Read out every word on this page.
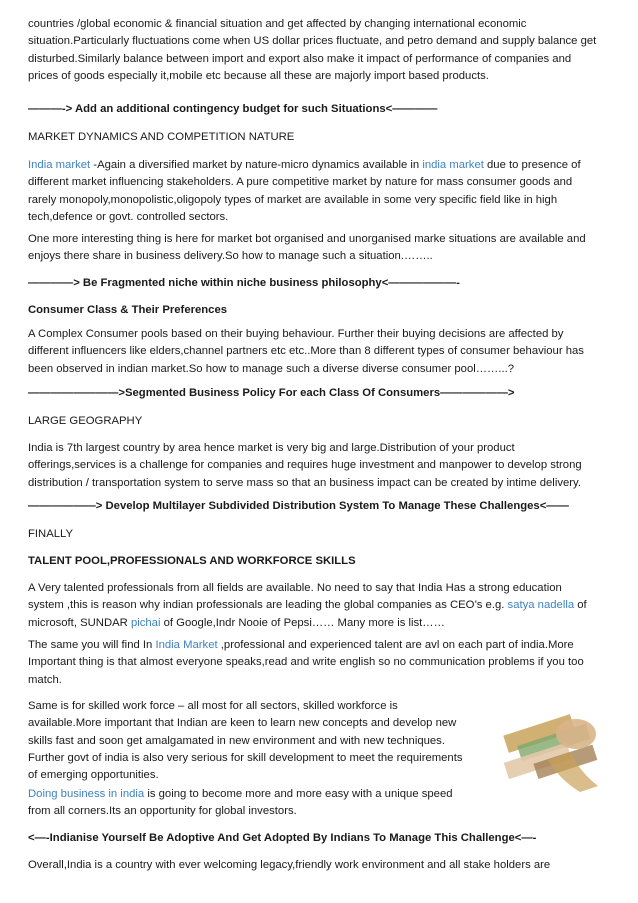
countries /global economic & financial situation and get affected by changing international economic
situation.Particularly fluctuations come when US dollar prices fluctuate, and petro demand and supply balance get
disturbed.Similarly balance between import and export also make it impact of performance of companies and
prices of goods especially it,mobile etc because all these are majorly import based products.
———-> Add an additional contingency budget for such Situations<————
MARKET DYNAMICS AND COMPETITION NATURE
India market -Again a diversified market by nature-micro dynamics available in india market due to presence of
different market influencing stakeholders. A pure competitive market by nature for mass consumer goods and
rarely monopoly,monopolistic,oligopoly types of market are available in some very specific field like in high
tech,defence or govt. controlled sectors.
One more interesting thing is here for market bot organised and unorganised marke situations are available and
enjoys there share in business delivery.So how to manage such a situation.……..
————> Be Fragmented niche within niche business philosophy<——————-
Consumer Class & Their Preferences
A Complex Consumer pools based on their buying behaviour. Further their buying decisions are affected by
different influencers like elders,channel partners etc etc..More than 8 different types of consumer behaviour has
been observed in indian market.So how to manage such a diverse diverse consumer pool……...?
————————>Segmented Business Policy For each Class Of Consumers——————>
LARGE GEOGRAPHY
India is 7th largest country by area hence market is very big and large.Distribution of your product
offerings,services is a challenge for companies and requires huge investment and manpower to develop strong
distribution / transportation system to serve mass so that an business impact can be created by intime delivery.
——————> Develop Multilayer Subdivided Distribution System To Manage These Challenges<——
FINALLY
TALENT POOL,PROFESSIONALS AND WORKFORCE SKILLS
A Very talented professionals from all fields are available. No need to say that India Has a strong education
system ,this is reason why indian professionals are leading the global companies as CEO’s e.g. satya nadella of
microsoft, SUNDAR pichai of Google,Indr Nooie of Pepsi…… Many more is list……
The same you will find In India Market ,professional and experienced talent are avl on each part of india.More
Important thing is that almost everyone speaks,read and write english so no communication problems if you too
match.
Same is for skilled work force – all most for all sectors, skilled workforce is
available.More important that Indian are keen to learn new concepts and develop new
skills fast and soon get amalgamated in new environment and with new techniques.
Further govt of india is also very serious for skill development to meet the requirements
of emerging opportunities.
Doing business in india is going to become more and more easy with a unique speed
from all corners.Its an opportunity for global investors.
<—-Indianise Yourself Be Adoptive And Get Adopted By Indians To Manage This Challenge<—-
Overall,India is a country with ever welcoming legacy,friendly work environment and all stake holders are
